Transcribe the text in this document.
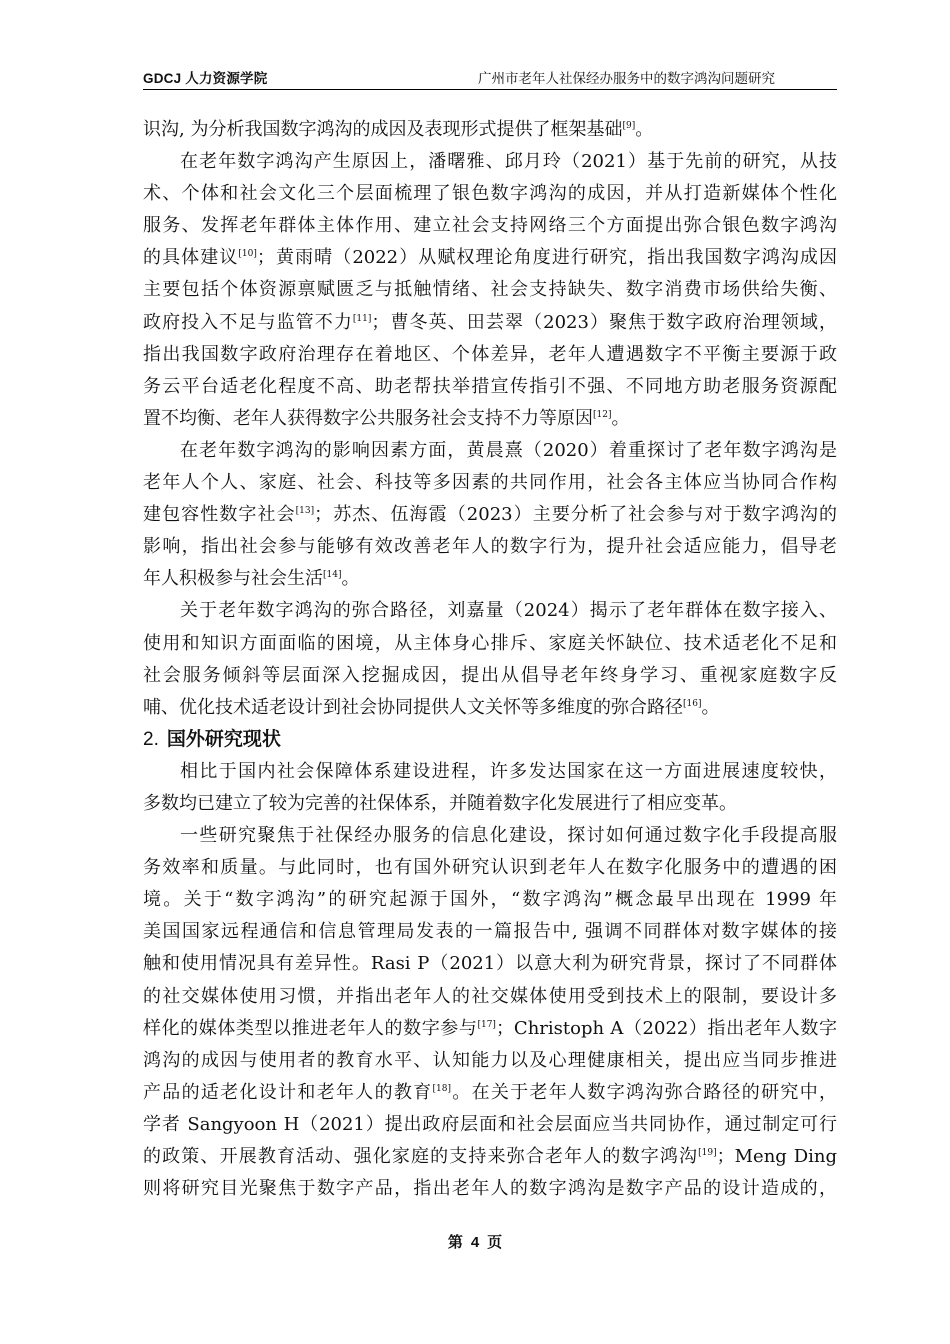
GDCJ 人力资源学院	广州市老年人社保经办服务中的数字鸿沟问题研究
识沟, 为分析我国数字鸿沟的成因及表现形式提供了框架基础[9]。
在老年数字鸿沟产生原因上，潘曙雅、邱月玲（2021）基于先前的研究，从技
术、个体和社会文化三个层面梳理了银色数字鸿沟的成因，并从打造新媒体个性化
服务、发挥老年群体主体作用、建立社会支持网络三个方面提出弥合银色数字鸿沟
的具体建议[10]；黄雨晴（2022）从赋权理论角度进行研究，指出我国数字鸿沟成因
主要包括个体资源禀赋匮乏与抵触情绪、社会支持缺失、数字消费市场供给失衡、
政府投入不足与监管不力[11]；曹冬英、田芸翠（2023）聚焦于数字政府治理领域，
指出我国数字政府治理存在着地区、个体差异，老年人遭遇数字不平衡主要源于政
务云平台适老化程度不高、助老帮扶举措宣传指引不强、不同地方助老服务资源配
置不均衡、老年人获得数字公共服务社会支持不力等原因[12]。
在老年数字鸿沟的影响因素方面，黄晨熹（2020）着重探讨了老年数字鸿沟是
老年人个人、家庭、社会、科技等多因素的共同作用，社会各主体应当协同合作构
建包容性数字社会[13]；苏杰、伍海霞（2023）主要分析了社会参与对于数字鸿沟的
影响，指出社会参与能够有效改善老年人的数字行为，提升社会适应能力，倡导老
年人积极参与社会生活[14]。
关于老年数字鸿沟的弥合路径，刘嘉量（2024）揭示了老年群体在数字接入、
使用和知识方面面临的困境，从主体身心排斥、家庭关怀缺位、技术适老化不足和
社会服务倾斜等层面深入挖掘成因，提出从倡导老年终身学习、重视家庭数字反
哺、优化技术适老设计到社会协同提供人文关怀等多维度的弥合路径[16]。
2. 国外研究现状
相比于国内社会保障体系建设进程，许多发达国家在这一方面进展速度较快，
多数均已建立了较为完善的社保体系，并随着数字化发展进行了相应变革。
一些研究聚焦于社保经办服务的信息化建设，探讨如何通过数字化手段提高服
务效率和质量。与此同时，也有国外研究认识到老年人在数字化服务中的遭遇的困
境。关于“数字鸿沟”的研究起源于国外，“数字鸿沟”概念最早出现在 1999 年
美国国家远程通信和信息管理局发表的一篇报告中, 强调不同群体对数字媒体的接
触和使用情况具有差异性。Rasi P（2021）以意大利为研究背景，探讨了不同群体
的社交媒体使用习惯，并指出老年人的社交媒体使用受到技术上的限制，要设计多
样化的媒体类型以推进老年人的数字参与[17]；Christoph A（2022）指出老年人数字
鸿沟的成因与使用者的教育水平、认知能力以及心理健康相关，提出应当同步推进
产品的适老化设计和老年人的教育[18]。在关于老年人数字鸿沟弥合路径的研究中，
学者 Sangyoon H（2021）提出政府层面和社会层面应当共同协作，通过制定可行
的政策、开展教育活动、强化家庭的支持来弥合老年人的数字鸿沟[19]；Meng Ding
则将研究目光聚焦于数字产品，指出老年人的数字鸿沟是数字产品的设计造成的，
第 4 页
